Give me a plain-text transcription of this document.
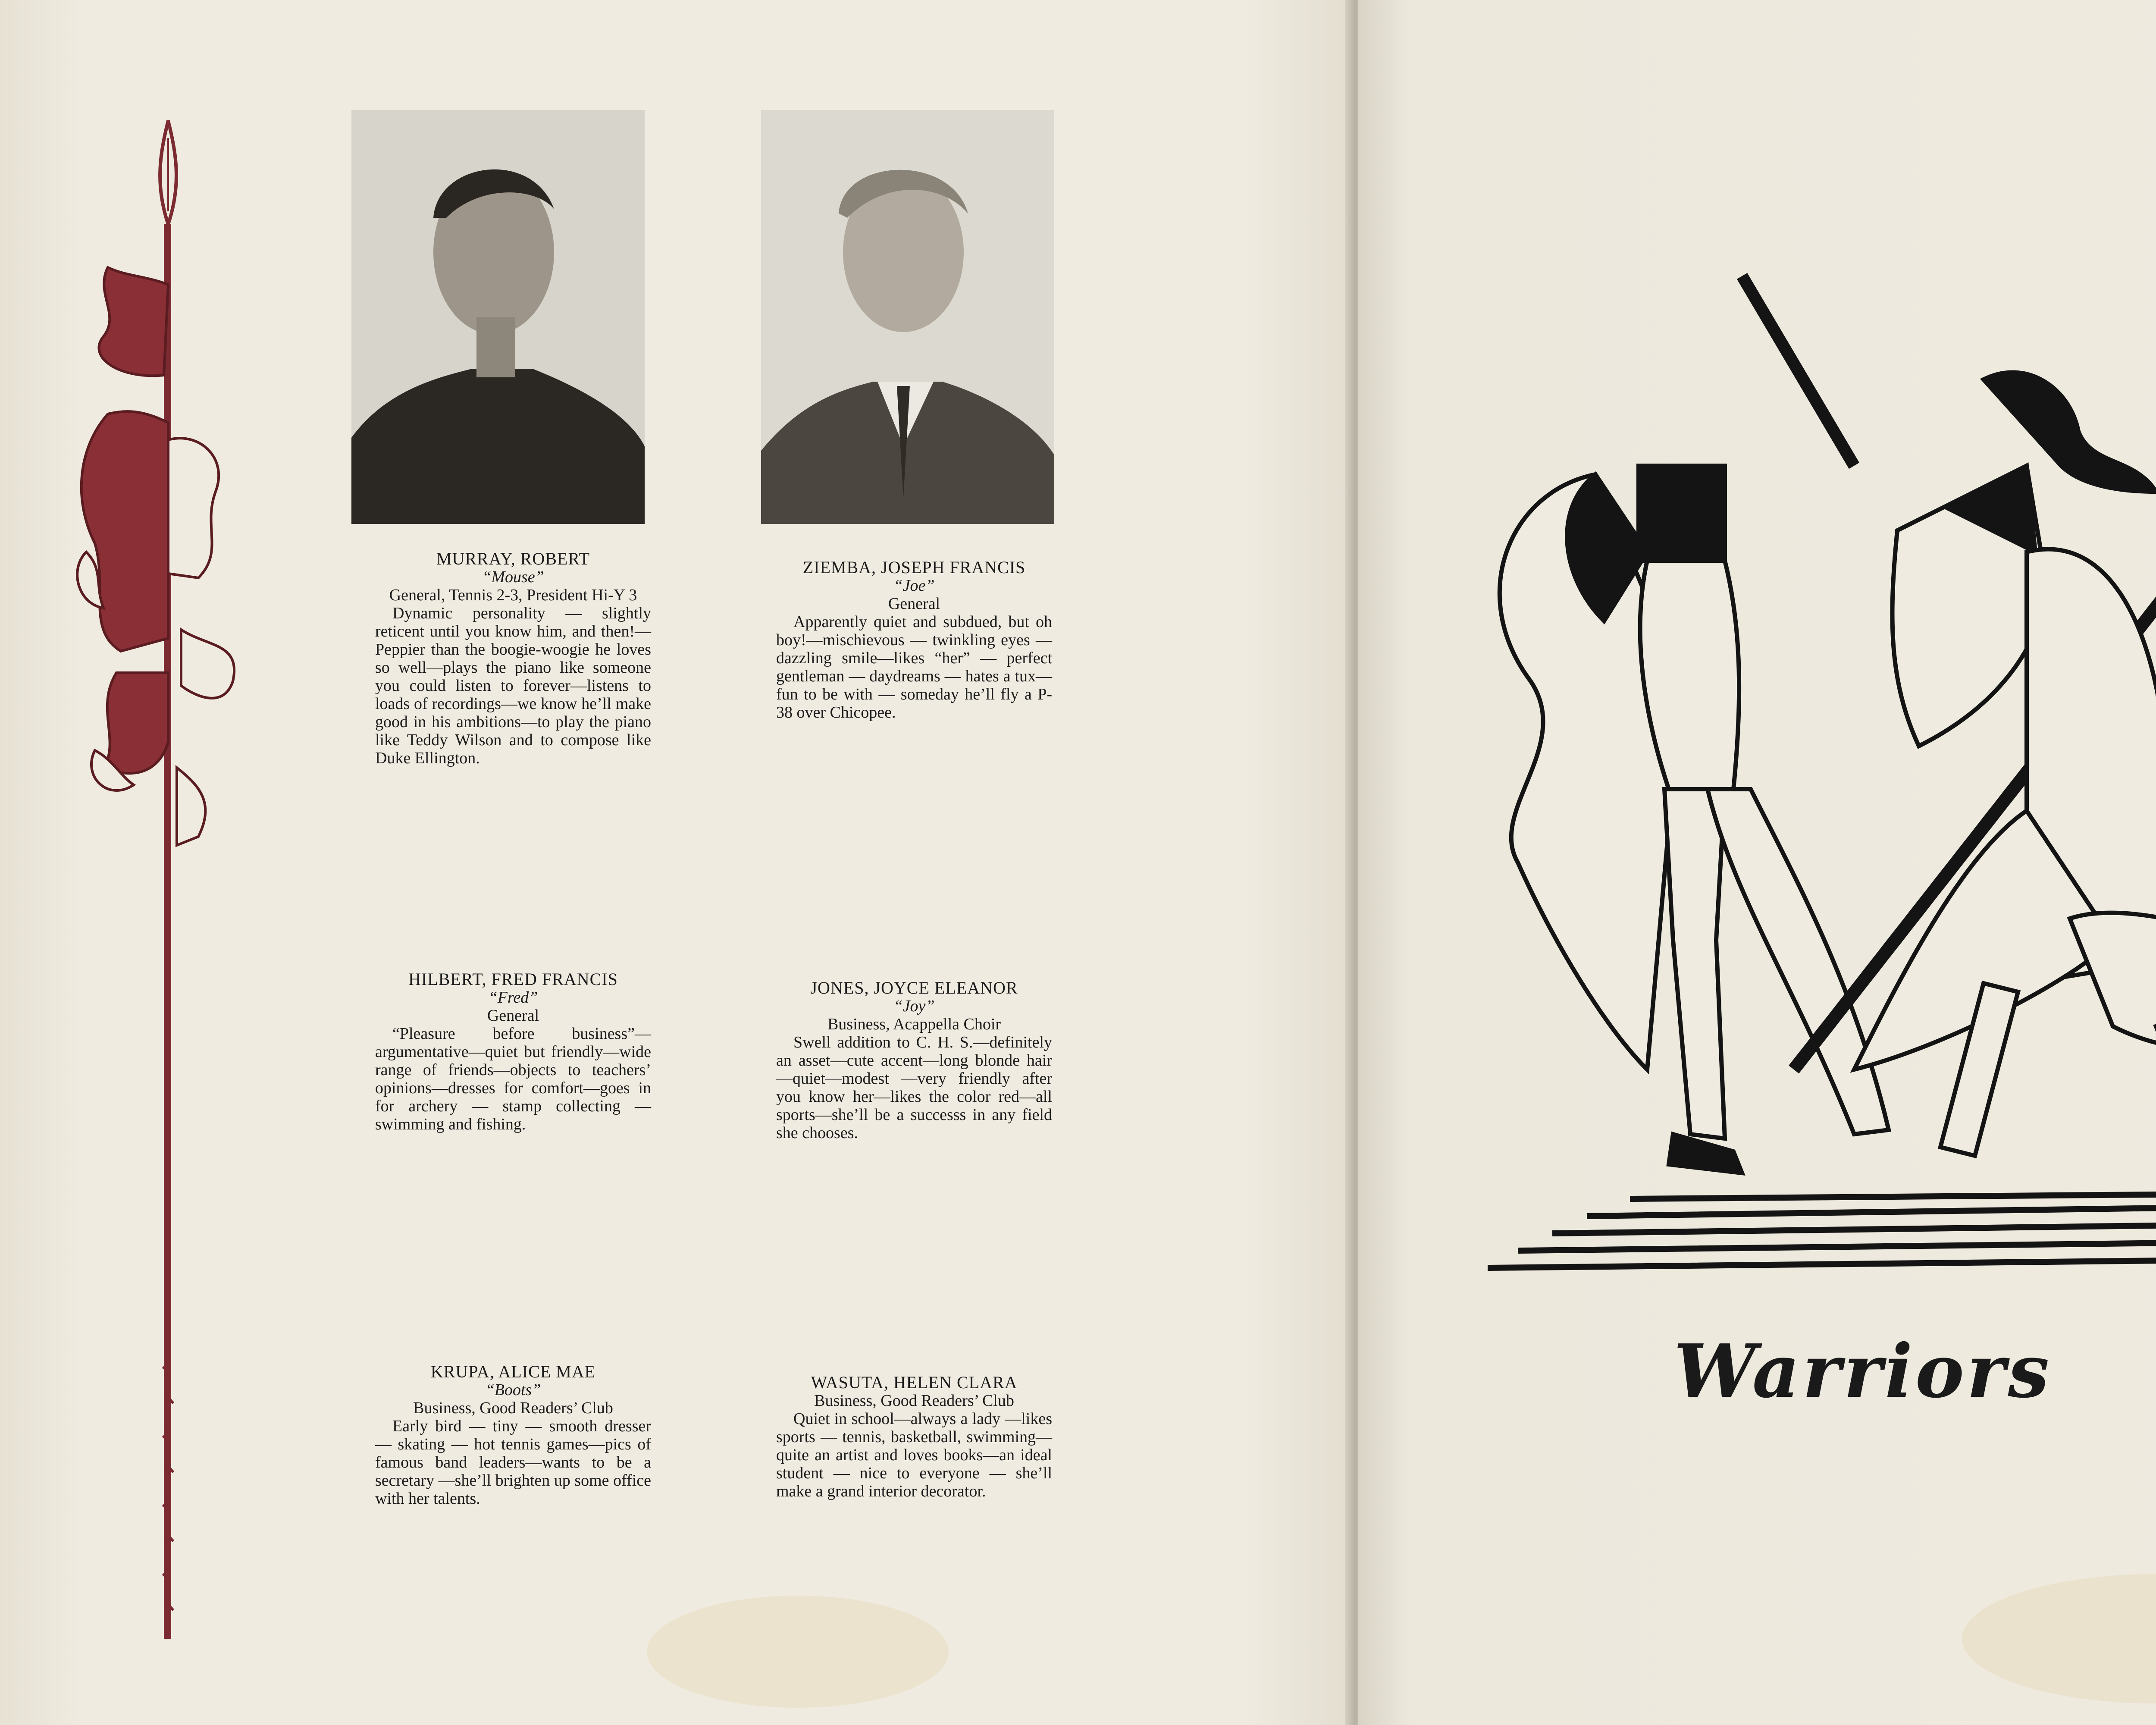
MURRAY, ROBERT
“Mouse”
General, Tennis 2-3, President Hi-Y 3

Dynamic personality — slightly reticent until you know him, and then!—Peppier than the boogie-woogie he loves so well—plays the piano like someone you could listen to forever—listens to loads of recordings—we know he’ll make good in his ambitions—to play the piano like Teddy Wilson and to compose like Duke Ellington.

ZIEMBA, JOSEPH FRANCIS
“Joe”
General

Apparently quiet and subdued, but oh boy!—mischievous — twinkling eyes — dazzling smile—likes “her” — perfect gentleman — daydreams — hates a tux—fun to be with — someday he’ll fly a P-38 over Chicopee.

HILBERT, FRED FRANCIS
“Fred”
General

“Pleasure before business”—argumentative—quiet but friendly—wide range of friends—objects to teachers’ opinions—dresses for comfort—goes in for archery — stamp collecting — swimming and fishing.

JONES, JOYCE ELEANOR
“Joy”
Business, Acappella Choir

Swell addition to C. H. S.—definitely an asset—cute accent—long blonde hair—quiet—modest —very friendly after you know her—likes the color red—all sports—she’ll be a successs in any field she chooses.

KRUPA, ALICE MAE
“Boots”
Business, Good Readers’ Club

Early bird — tiny — smooth dresser — skating — hot tennis games—pics of famous band leaders—wants to be a secretary —she’ll brighten up some office with her talents.

WASUTA, HELEN CLARA
Business, Good Readers’ Club

Quiet in school—always a lady —likes sports — tennis, basketball, swimming—quite an artist and loves books—an ideal student — nice to everyone — she’ll make a grand interior decorator.

Warriors
